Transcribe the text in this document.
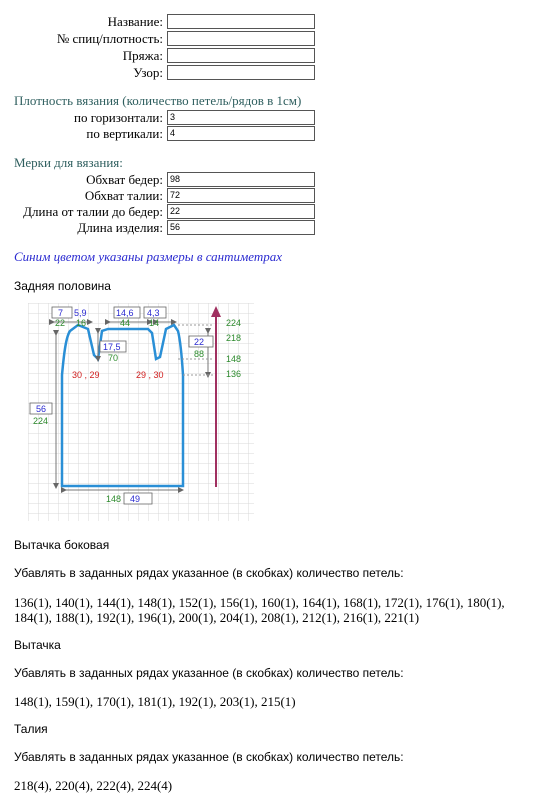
Название:
№ спиц/плотность:
Пряжа:
Узор:
Плотность вязания (количество петель/рядов в 1см)
по горизонтали: 3
по вертикали: 4
Мерки для вязания:
Обхват бедер: 98
Обхват талии: 72
Длина от талии до бедер: 22
Длина изделия: 56
Синим цветом указаны размеры в сантиметрах
Задняя половина
7 5,9	14,6 4,3
22 16	44 14
17,5
70
22
88
30 , 29	29 , 30
56
224
148 49
224
218
148
136
Вытачка боковая
Убавлять в заданных рядах указанное (в скобках) количество петель:
136(1), 140(1), 144(1), 148(1), 152(1), 156(1), 160(1), 164(1), 168(1), 172(1), 176(1), 180(1), 184(1), 188(1), 192(1), 196(1), 200(1), 204(1), 208(1), 212(1), 216(1), 221(1)
Вытачка
Убавлять в заданных рядах указанное (в скобках) количество петель:
148(1), 159(1), 170(1), 181(1), 192(1), 203(1), 215(1)
Талия
Убавлять в заданных рядах указанное (в скобках) количество петель:
218(4), 220(4), 222(4), 224(4)
